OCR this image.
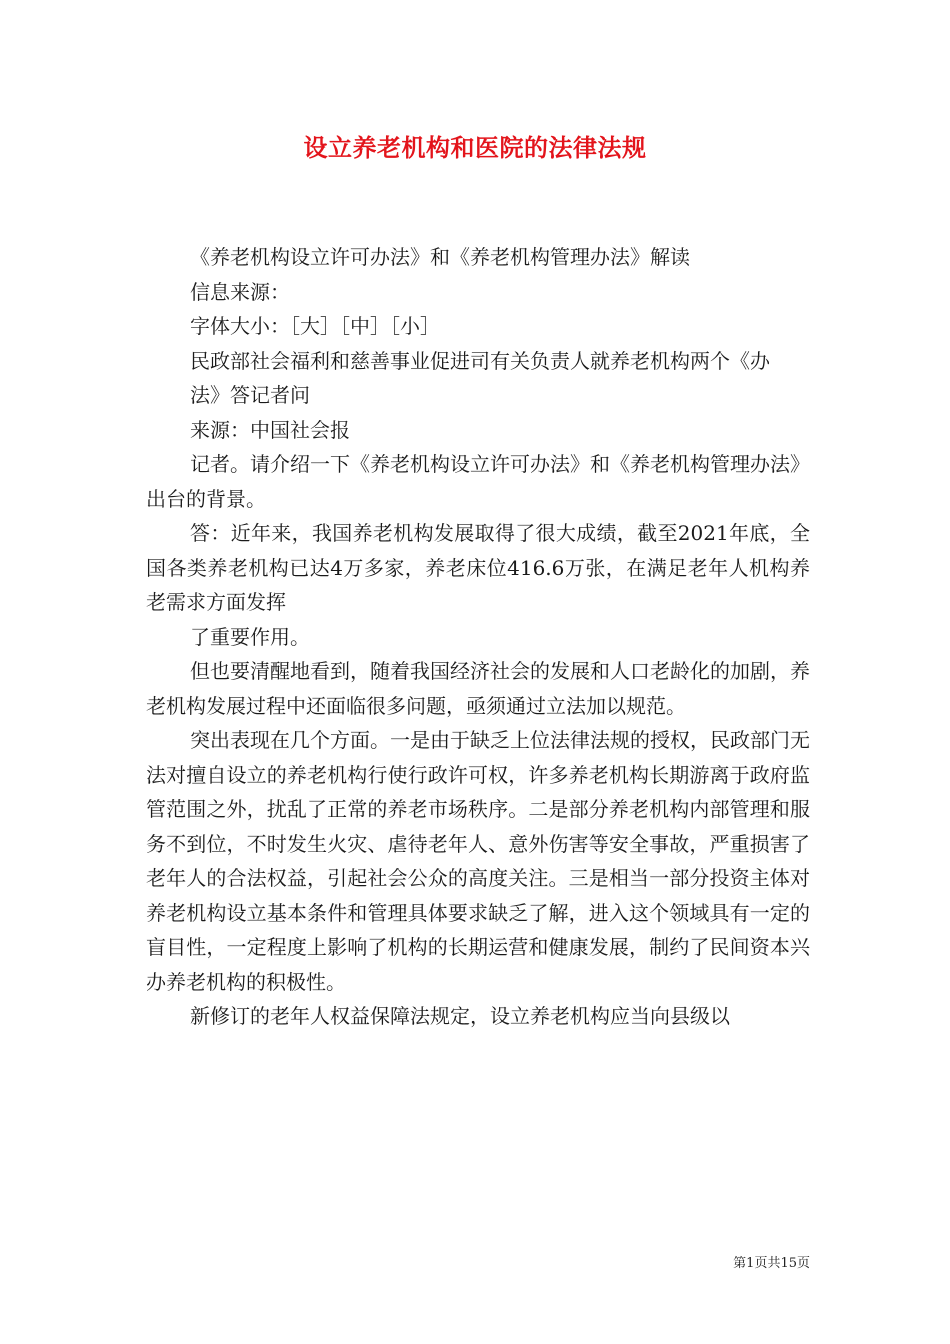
设立养老机构和医院的法律法规

《养老机构设立许可办法》和《养老机构管理办法》解读

信息来源：

字体大小：［大］［中］［小］

民政部社会福利和慈善事业促进司有关负责人就养老机构两个《办

法》答记者问

来源：中国社会报

记者。请介绍一下《养老机构设立许可办法》和《养老机构管理办法》出台的背景。

答：近年来，我国养老机构发展取得了很大成绩，截至2021年底，全国各类养老机构已达4万多家，养老床位416.6万张，在满足老年人机构养老需求方面发挥

了重要作用。

但也要清醒地看到，随着我国经济社会的发展和人口老龄化的加剧，养老机构发展过程中还面临很多问题，亟须通过立法加以规范。

突出表现在几个方面。一是由于缺乏上位法律法规的授权，民政部门无法对擅自设立的养老机构行使行政许可权，许多养老机构长期游离于政府监管范围之外，扰乱了正常的养老市场秩序。二是部分养老机构内部管理和服务不到位，不时发生火灾、虐待老年人、意外伤害等安全事故，严重损害了老年人的合法权益，引起社会公众的高度关注。三是相当一部分投资主体对养老机构设立基本条件和管理具体要求缺乏了解，进入这个领域具有一定的盲目性，一定程度上影响了机构的长期运营和健康发展，制约了民间资本兴办养老机构的积极性。

新修订的老年人权益保障法规定，设立养老机构应当向县级以

第1页共15页
